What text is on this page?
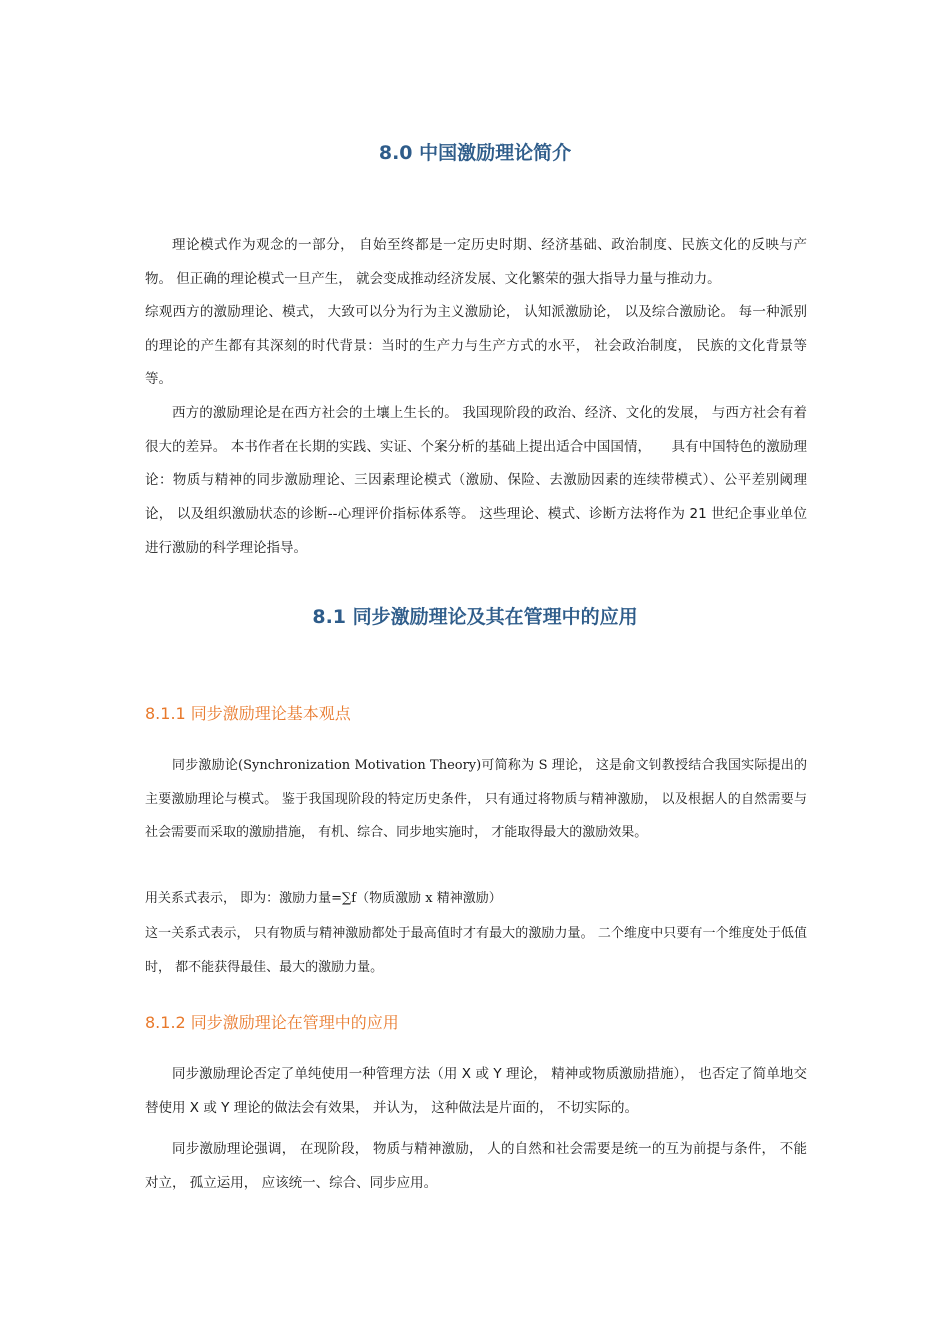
8.0 中国激励理论简介

理论模式作为观念的一部分， 自始至终都是一定历史时期、经济基础、政治制度、民族文化的反映与产物。 但正确的理论模式一旦产生， 就会变成推动经济发展、文化繁荣的强大指导力量与推动力。

综观西方的激励理论、模式， 大致可以分为行为主义激励论， 认知派激励论， 以及综合激励论。 每一种派别的理论的产生都有其深刻的时代背景：当时的生产力与生产方式的水平， 社会政治制度， 民族的文化背景等等。

西方的激励理论是在西方社会的土壤上生长的。 我国现阶段的政治、经济、文化的发展， 与西方社会有着很大的差异。 本书作者在长期的实践、实证、个案分析的基础上提出适合中国国情，　　具有中国特色的激励理论：物质与精神的同步激励理论、三因素理论模式（激励、保险、去激励因素的连续带模式）、公平差别阈理论， 以及组织激励状态的诊断--心理评价指标体系等。 这些理论、模式、诊断方法将作为 21 世纪企事业单位进行激励的科学理论指导。

8.1 同步激励理论及其在管理中的应用
8.1.1 同步激励理论基本观点

同步激励论(Synchronization Motivation Theory)可简称为 S 理论， 这是俞文钊教授结合我国实际提出的主要激励理论与模式。 鉴于我国现阶段的特定历史条件， 只有通过将物质与精神激励， 以及根据人的自然需要与社会需要而采取的激励措施， 有机、综合、同步地实施时， 才能取得最大的激励效果。

用关系式表示， 即为：激励力量=∑f（物质激励 x 精神激励）

这一关系式表示， 只有物质与精神激励都处于最高值时才有最大的激励力量。 二个维度中只要有一个维度处于低值时， 都不能获得最佳、最大的激励力量。

8.1.2 同步激励理论在管理中的应用

同步激励理论否定了单纯使用一种管理方法（用 X 或 Y 理论， 精神或物质激励措施）， 也否定了简单地交替使用 X 或 Y 理论的做法会有效果， 并认为， 这种做法是片面的， 不切实际的。

同步激励理论强调， 在现阶段， 物质与精神激励， 人的自然和社会需要是统一的互为前提与条件， 不能对立， 孤立运用， 应该统一、综合、同步应用。
